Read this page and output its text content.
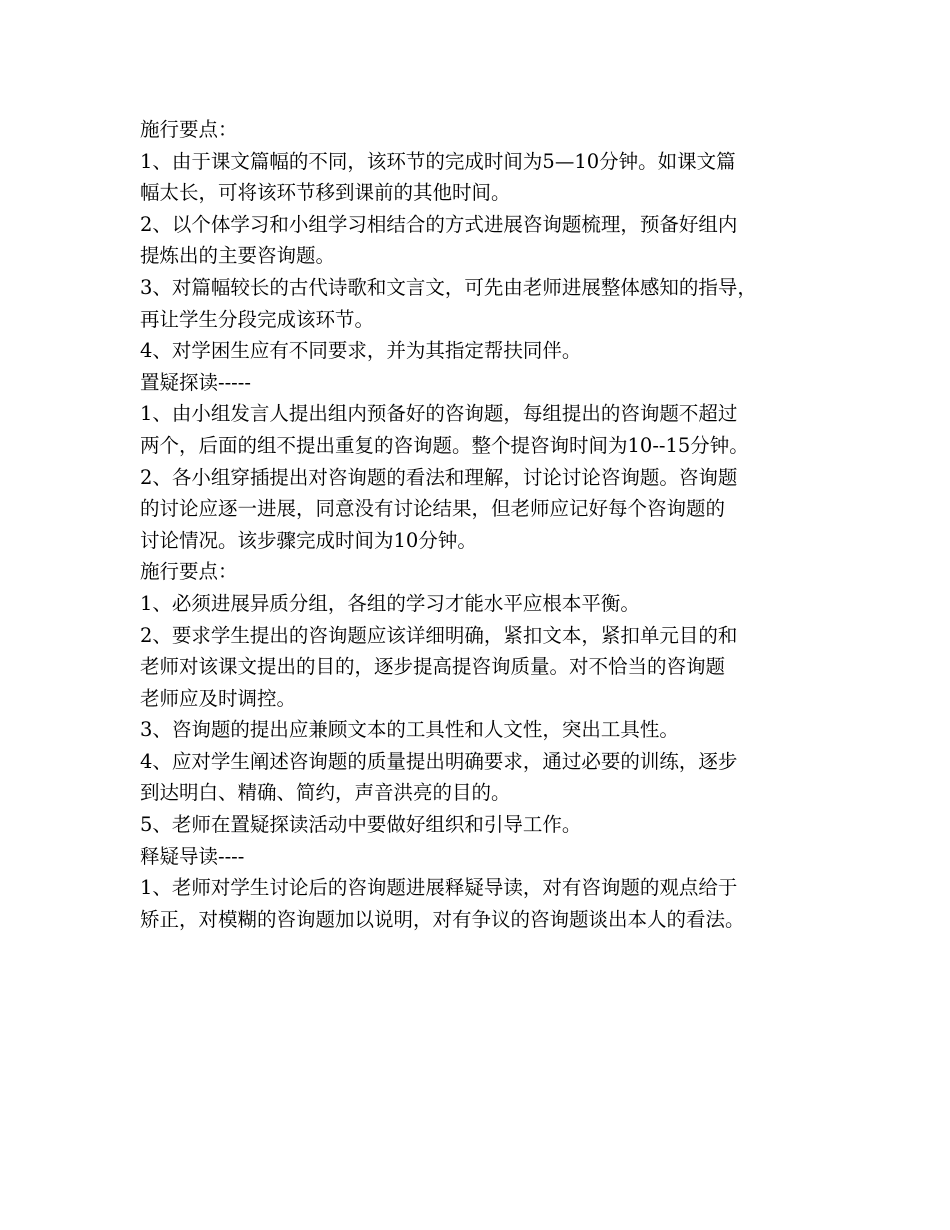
施行要点：
1、由于课文篇幅的不同，该环节的完成时间为5—10分钟。如课文篇
幅太长，可将该环节移到课前的其他时间。
2、以个体学习和小组学习相结合的方式进展咨询题梳理，预备好组内
提炼出的主要咨询题。
3、对篇幅较长的古代诗歌和文言文，可先由老师进展整体感知的指导，
再让学生分段完成该环节。
4、对学困生应有不同要求，并为其指定帮扶同伴。
置疑探读-----
1、由小组发言人提出组内预备好的咨询题，每组提出的咨询题不超过
两个，后面的组不提出重复的咨询题。整个提咨询时间为10--15分钟。
2、各小组穿插提出对咨询题的看法和理解，讨论讨论咨询题。咨询题
的讨论应逐一进展，同意没有讨论结果，但老师应记好每个咨询题的
讨论情况。该步骤完成时间为10分钟。
施行要点：
1、必须进展异质分组，各组的学习才能水平应根本平衡。
2、要求学生提出的咨询题应该详细明确，紧扣文本，紧扣单元目的和
老师对该课文提出的目的，逐步提高提咨询质量。对不恰当的咨询题
老师应及时调控。
3、咨询题的提出应兼顾文本的工具性和人文性，突出工具性。
4、应对学生阐述咨询题的质量提出明确要求，通过必要的训练，逐步
到达明白、精确、简约，声音洪亮的目的。
5、老师在置疑探读活动中要做好组织和引导工作。
释疑导读----
1、老师对学生讨论后的咨询题进展释疑导读，对有咨询题的观点给于
矫正，对模糊的咨询题加以说明，对有争议的咨询题谈出本人的看法。
